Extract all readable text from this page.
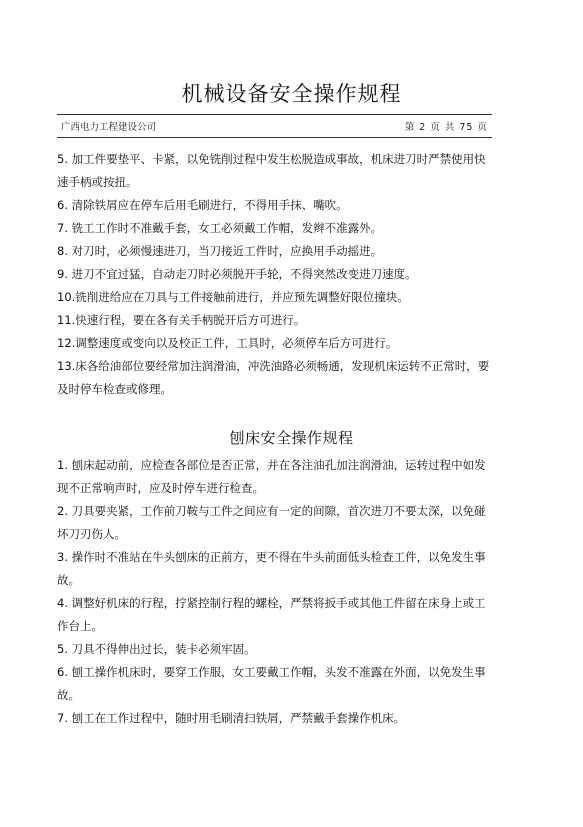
机械设备安全操作规程
广西电力工程建设公司	第 2 页 共 75 页

5. 加工件要垫平、卡紧，以免铣削过程中发生松脱造成事故，机床进刀时严禁使用快速手柄或按扭。

6. 清除铁屑应在停车后用毛刷进行，不得用手抹、嘴吹。

7. 铣工工作时不准戴手套，女工必须戴工作帽，发辫不准露外。

8. 对刀时，必须慢速进刀，当刀接近工件时，应换用手动摇进。

9. 进刀不宜过猛，自动走刀时必须脱开手轮，不得突然改变进刀速度。

10.铣削进给应在刀具与工件接触前进行，并应预先调整好限位撞块。

11.快速行程，要在各有关手柄脱开后方可进行。

12.调整速度或变向以及校正工件，工具时，必须停车后方可进行。

13.床各给油部位要经常加注润滑油，冲洗油路必须畅通，发现机床运转不正常时，要及时停车检查或修理。

刨床安全操作规程

1. 刨床起动前，应检查各部位是否正常，并在各注油孔加注润滑油，运转过程中如发现不正常响声时，应及时停车进行检查。

2. 刀具要夹紧，工作前刀鞍与工件之间应有一定的间隙，首次进刀不要太深，以免碰坏刀刃伤人。

3. 操作时不准站在牛头刨床的正前方，更不得在牛头前面低头检查工件，以免发生事故。

4. 调整好机床的行程，拧紧控制行程的螺栓，严禁将扳手或其他工件留在床身上或工作台上。

5. 刀具不得伸出过长，装卡必须牢固。

6. 刨工操作机床时，要穿工作服，女工要戴工作帽，头发不准露在外面，以免发生事故。

7. 刨工在工作过程中，随时用毛刷清扫铁屑，严禁戴手套操作机床。
